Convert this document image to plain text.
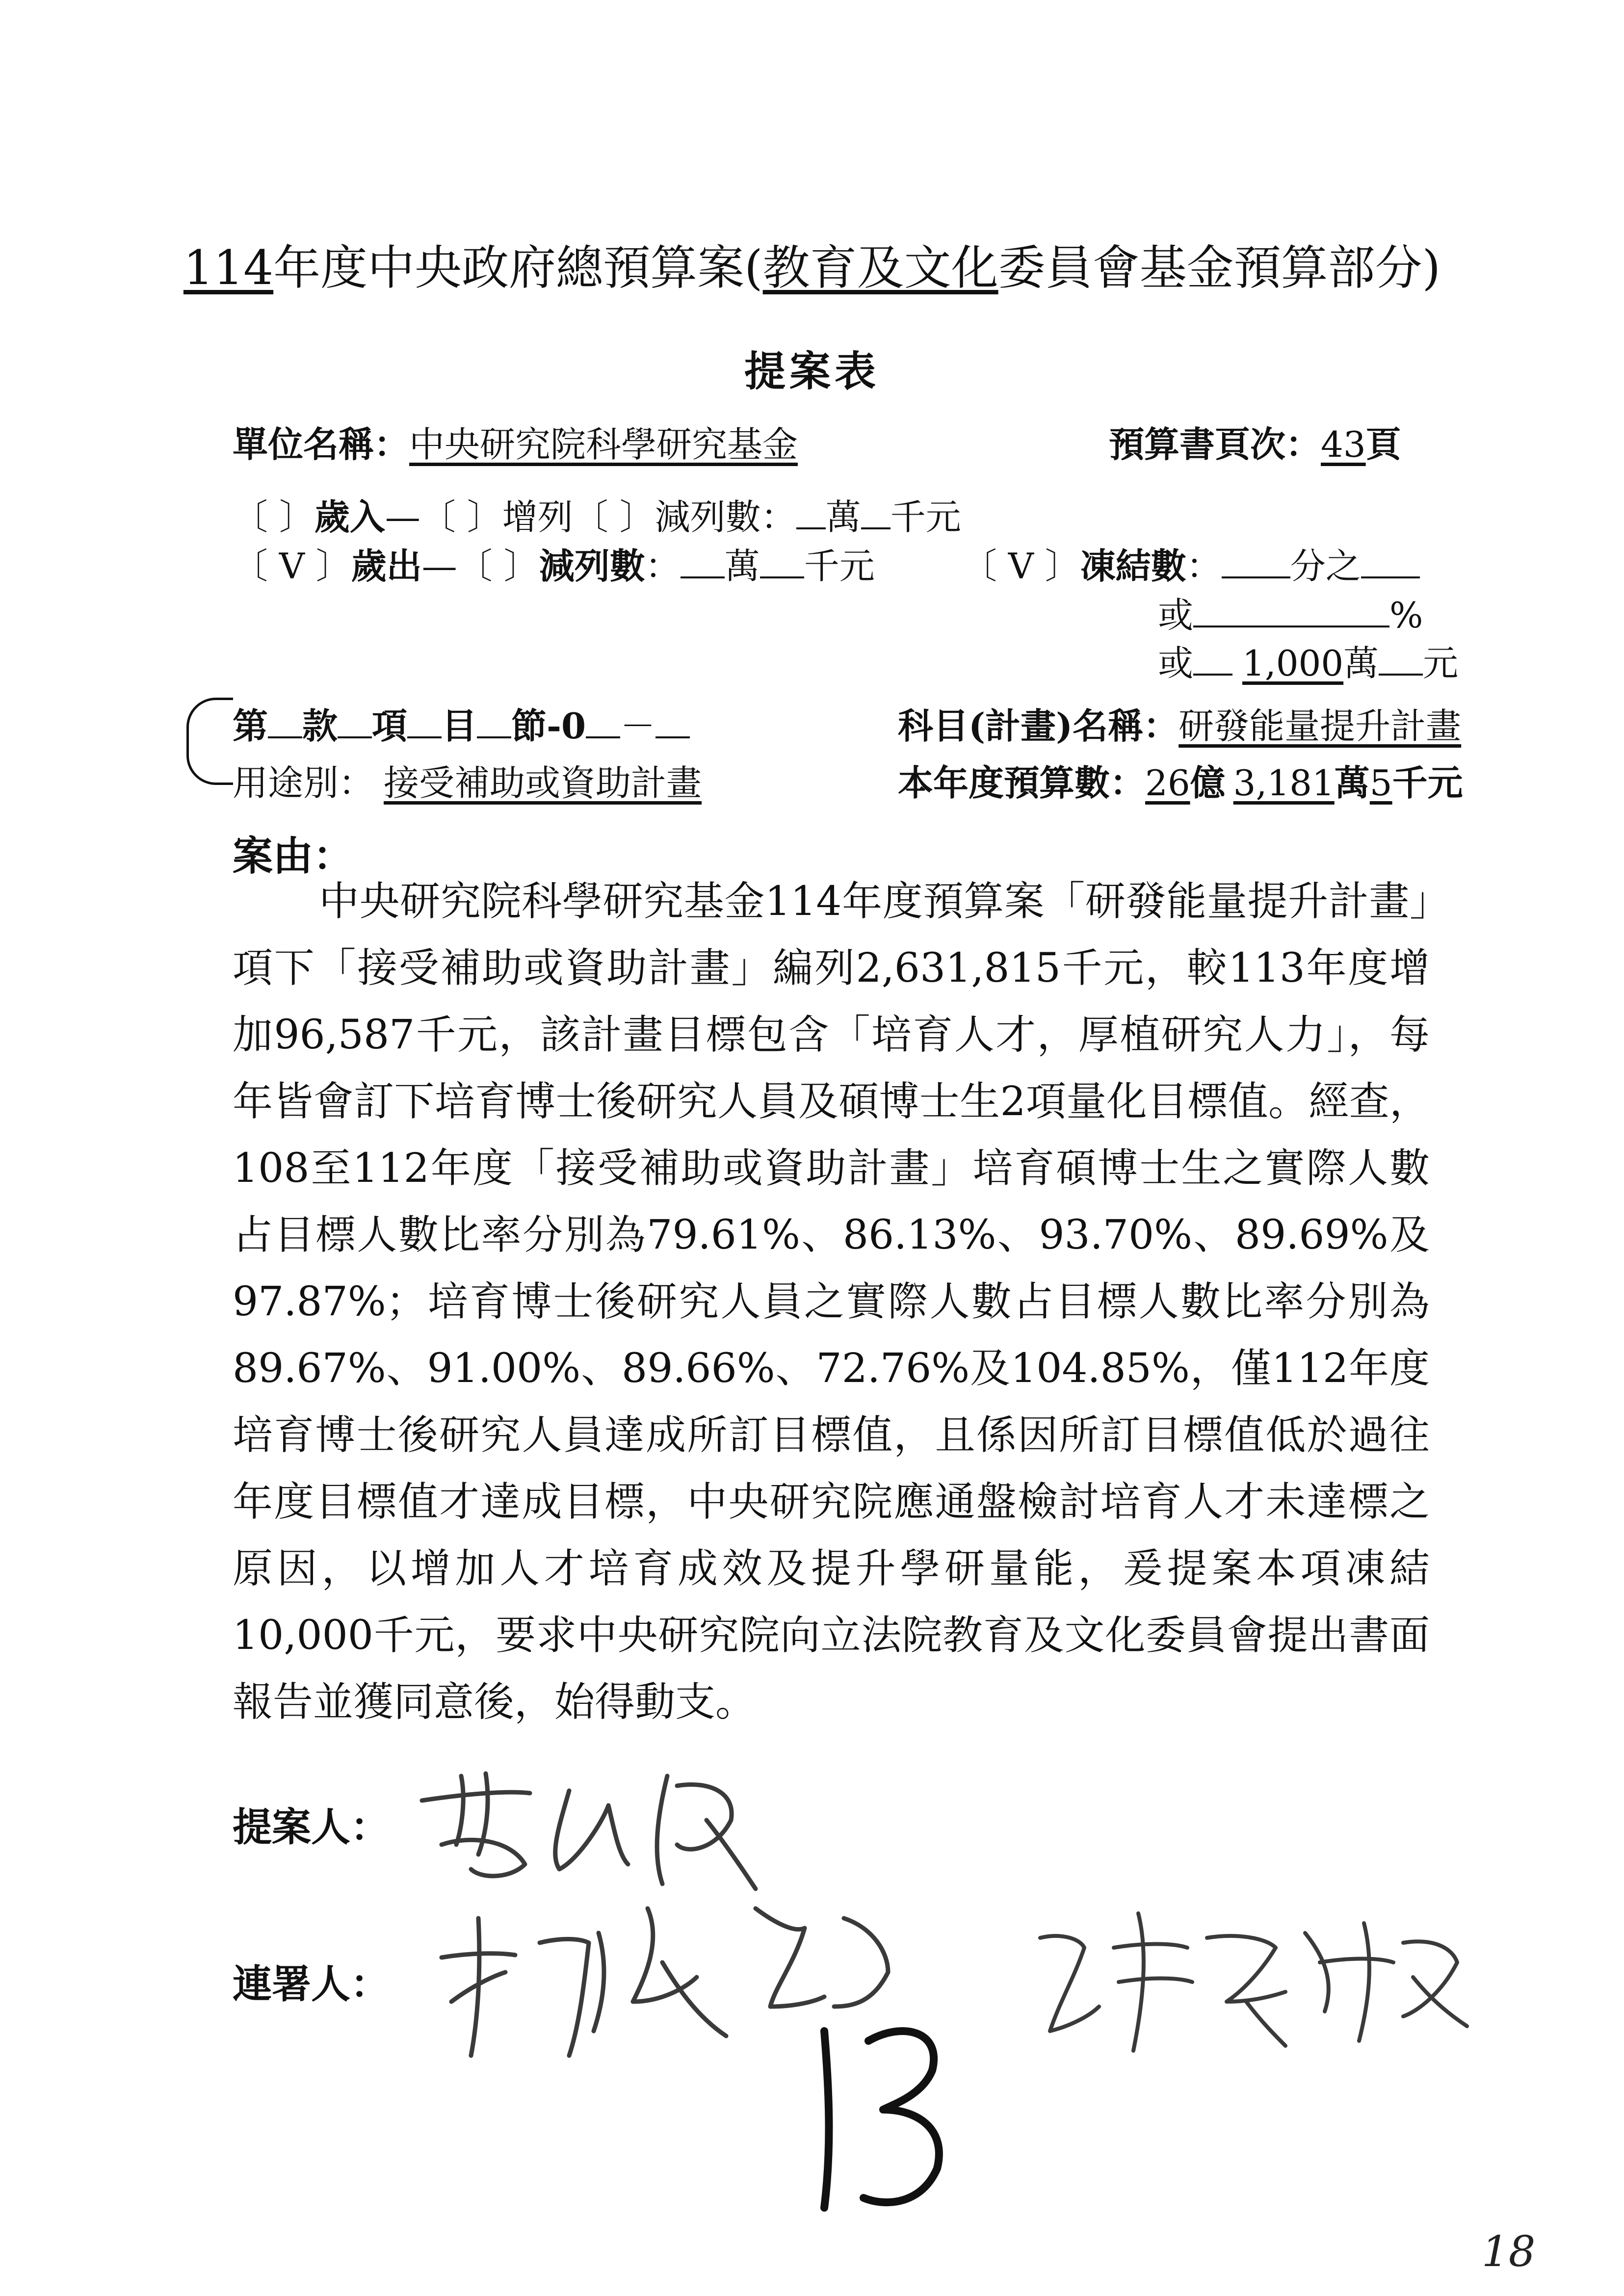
114年度中央政府總預算案(教育及文化委員會基金預算部分)
提案表
單位名稱：中央研究院科學研究基金	預算書頁次：43頁
〔 〕歲入—〔 〕增列〔 〕減列數： 萬 千元
〔 V 〕歲出—〔 〕減列數： 萬 千元 〔 V 〕凍結數： 分之
或	%
或 1,000萬 元
第 款 項 目 節-0 －	科目(計畫)名稱：研發能量提升計畫
用途別： 接受補助或資助計畫	本年度預算數：26億 3,181萬5千元
案由：
中央研究院科學研究基金114年度預算案「研發能量提升計畫」項下「接受補助或資助計畫」編列2,631,815千元，較113年度增加96,587千元，該計畫目標包含「培育人才，厚植研究人力」，每年皆會訂下培育博士後研究人員及碩博士生2項量化目標值。經查，108至112年度「接受補助或資助計畫」培育碩博士生之實際人數占目標人數比率分別為79.61%、86.13%、93.70%、89.69%及97.87%；培育博士後研究人員之實際人數占目標人數比率分別為89.67%、91.00%、89.66%、72.76%及104.85%，僅112年度培育博士後研究人員達成所訂目標值，且係因所訂目標值低於過往年度目標值才達成目標，中央研究院應通盤檢討培育人才未達標之原因，以增加人才培育成效及提升學研量能，爰提案本項凍結10,000千元，要求中央研究院向立法院教育及文化委員會提出書面報告並獲同意後，始得動支。
提案人：
連署人：
18
